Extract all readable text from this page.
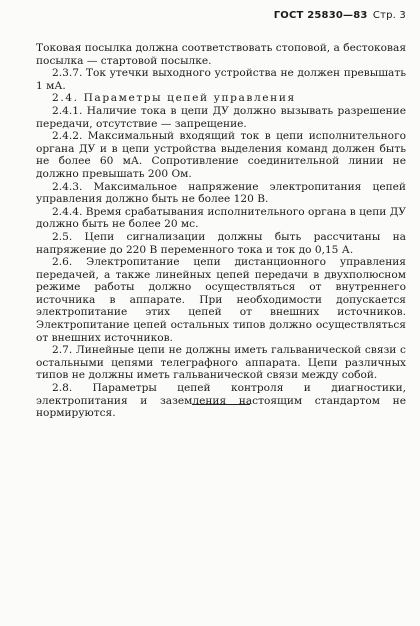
ГОСТ 25830—83 Стр. 3

Токовая посылка должна соответствовать стоповой, а бестоковая посылка — стартовой посылке.

2.3.7. Ток утечки выходного устройства не должен превышать 1 мА.

2.4. Параметры цепей управления

2.4.1. Наличие тока в цепи ДУ должно вызывать разрешение передачи, отсутствие — запрещение.

2.4.2. Максимальный входящий ток в цепи исполнительного органа ДУ и в цепи устройства выделения команд должен быть не более 60 мА. Сопротивление соединительной линии не должно превышать 200 Ом.

2.4.3. Максимальное напряжение электропитания цепей управления должно быть не более 120 В.

2.4.4. Время срабатывания исполнительного органа в цепи ДУ должно быть не более 20 мс.

2.5. Цепи сигнализации должны быть рассчитаны на напряжение до 220 В переменного тока и ток до 0,15 А.

2.6. Электропитание цепи дистанционного управления передачей, а также линейных цепей передачи в двухполюсном режиме работы должно осуществляться от внутреннего источника в аппарате. При необходимости допускается электропитание этих цепей от внешних источников. Электропитание цепей остальных типов должно осуществляться от внешних источников.

2.7. Линейные цепи не должны иметь гальванической связи с остальными цепями телеграфного аппарата. Цепи различных типов не должны иметь гальванической связи между собой.

2.8. Параметры цепей контроля и диагностики, электропитания и заземления настоящим стандартом не нормируются.
